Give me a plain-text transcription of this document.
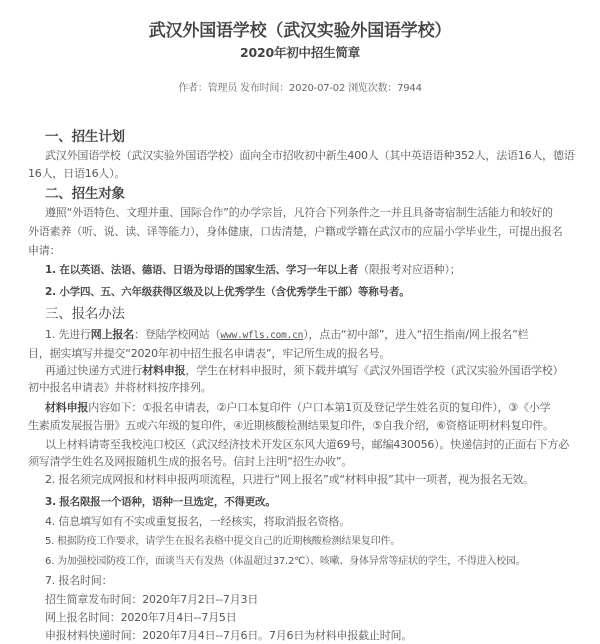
武汉外国语学校（武汉实验外国语学校）
2020年初中招生简章
作者：管理员 发布时间：2020-07-02 浏览次数：7944
一、招生计划
武汉外国语学校（武汉实验外国语学校）面向全市招收初中新生400人（其中英语语种352人，法语16人，德语
16人，日语16人）。
二、招生对象
遵照“外语特色、文理并重、国际合作”的办学宗旨，凡符合下列条件之一并且具备寄宿制生活能力和较好的
外语素养（听、说、读、译等能力），身体健康，口齿清楚，户籍或学籍在武汉市的应届小学毕业生，可提出报名
申请：
1. 在以英语、法语、德语、日语为母语的国家生活、学习一年以上者（限报考对应语种）；
2. 小学四、五、六年级获得区级及以上优秀学生（含优秀学生干部）等称号者。
三、报名办法
1. 先进行网上报名：登陆学校网站（www.wfls.com.cn），点击“初中部”，进入“招生指南/网上报名”栏
目，据实填写并提交“2020年初中招生报名申请表”，牢记所生成的报名号。
再通过快递方式进行材料申报，学生在材料申报时，须下载并填写《武汉外国语学校（武汉实验外国语学校）
初中报名申请表》并将材料按序排列。
材料申报内容如下：①报名申请表，②户口本复印件（户口本第1页及登记学生姓名页的复印件），③《小学
生素质发展报告册》五或六年级的复印件，④近期核酸检测结果复印件，⑤自我介绍，⑥资格证明材料复印件。
以上材料请寄至我校沌口校区（武汉经济技术开发区东风大道69号，邮编430056）。快递信封的正面右下方必
须写清学生姓名及网报随机生成的报名号。信封上注明“招生办收”。
2. 报名须完成网报和材料申报两项流程，只进行“网上报名”或“材料申报”其中一项者，视为报名无效。
3. 报名限报一个语种，语种一旦选定，不得更改。
4. 信息填写如有不实或重复报名，一经核实，将取消报名资格。
5. 根据防疫工作要求，请学生在报名表格中提交自己的近期核酸检测结果复印件。
6. 为加强校园防疫工作，面谈当天有发热（体温超过37.2℃）、咳嗽、身体异常等症状的学生，不得进入校园。
7. 报名时间：
招生简章发布时间：2020年7月2日--7月3日
网上报名时间：2020年7月4日--7月5日
申报材料快递时间：2020年7月4日--7月6日。7月6日为材料申报截止时间。
